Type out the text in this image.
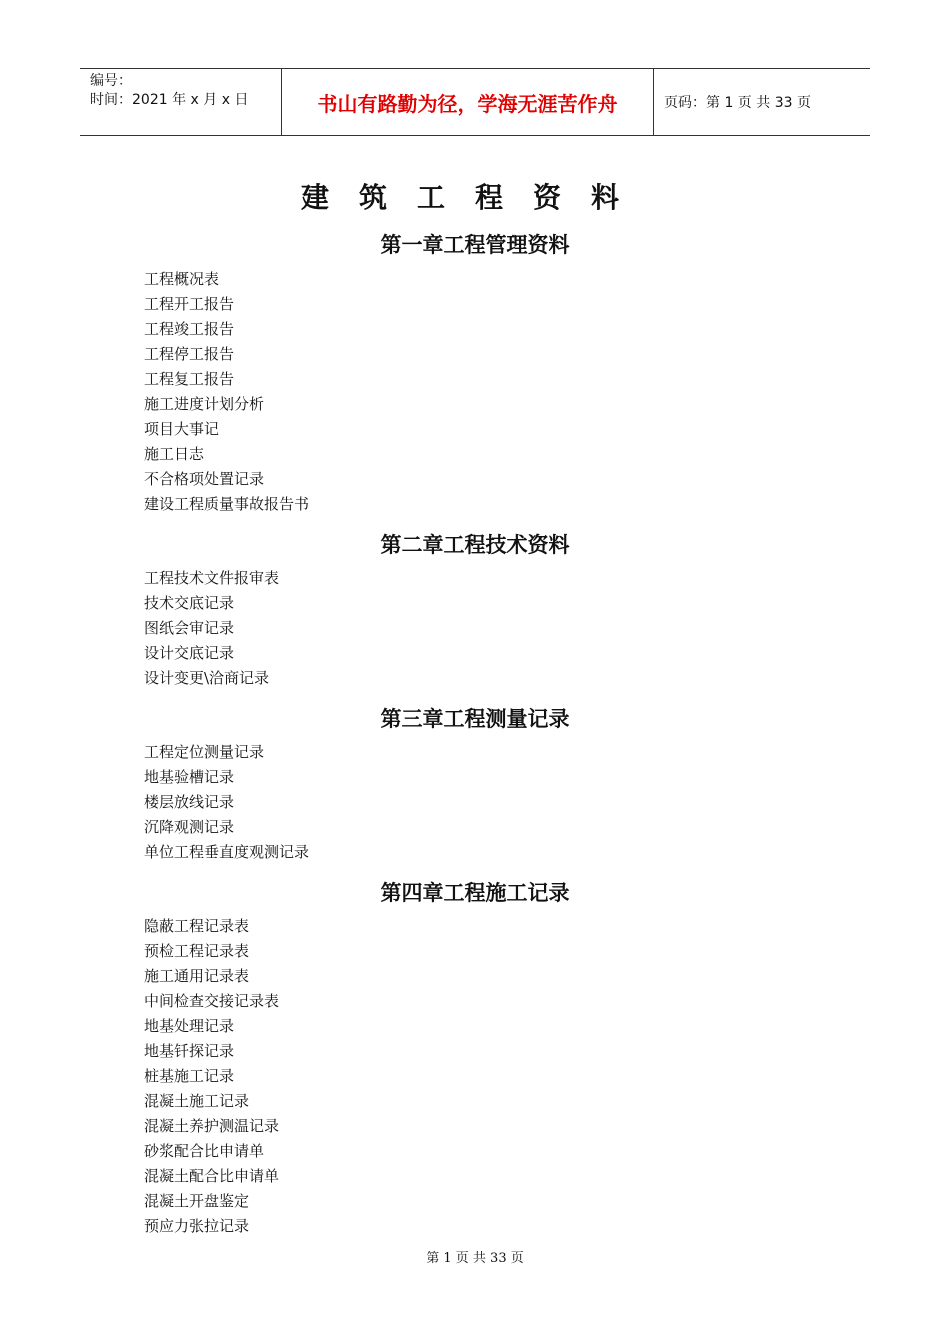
编号：
时间：2021 年 x 月 x 日	书山有路勤为径，学海无涯苦作舟	页码：第 1 页 共 33 页
建筑工程资料
第一章工程管理资料
工程概况表
工程开工报告
工程竣工报告
工程停工报告
工程复工报告
施工进度计划分析
项目大事记
施工日志
不合格项处置记录
建设工程质量事故报告书
第二章工程技术资料
工程技术文件报审表
技术交底记录
图纸会审记录
设计交底记录
设计变更\洽商记录
第三章工程测量记录
工程定位测量记录
地基验槽记录
楼层放线记录
沉降观测记录
单位工程垂直度观测记录
第四章工程施工记录
隐蔽工程记录表
预检工程记录表
施工通用记录表
中间检查交接记录表
地基处理记录
地基钎探记录
桩基施工记录
混凝土施工记录
混凝土养护测温记录
砂浆配合比申请单
混凝土配合比申请单
混凝土开盘鉴定
预应力张拉记录
第 1 页 共 33 页
